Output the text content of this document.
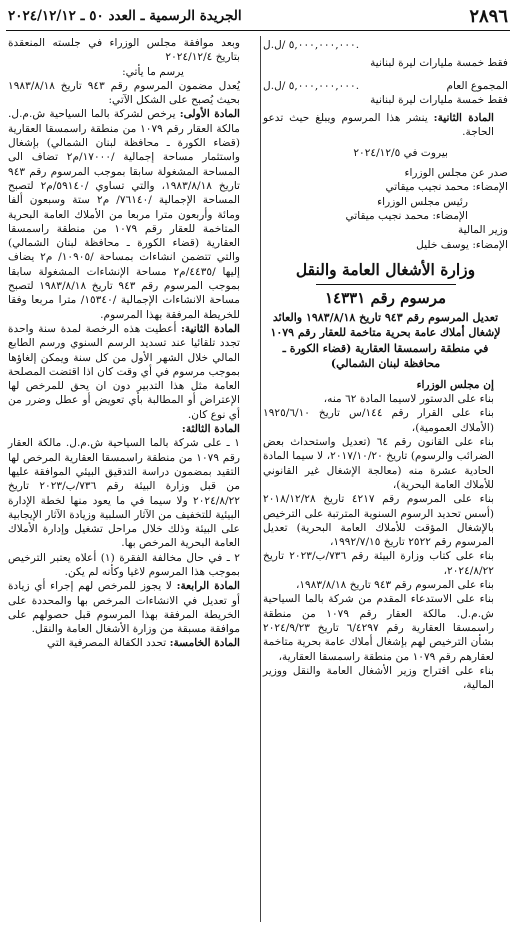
٢٨٩٦
الجريدة الرسمية ـ العدد ٥٠ ـ ٢٠٢٤/١٢/١٢
٥,٠٠٠,٠٠٠,٠٠٠ /ل.ل.

فقط خمسة مليارات ليرة لبنانية

المجموع العام
٥,٠٠٠,٠٠٠,٠٠٠ /ل.ل.

فقط خمسة مليارات ليرة لبنانية

المادة الثانية: ينشر هذا المرسوم ويبلغ حيث تدعو الحاجة.

بيروت في ٢٠٢٤/١٢/٥

صدر عن مجلس الوزراء

الإمضاء: محمد نجيب ميقاتي

رئيس مجلس الوزراء

الإمضاء: محمد نجيب ميقاتي

وزير المالية

الإمضاء: يوسف خليل

وزارة الأشغال العامة والنقل
مرسوم رقم ١٤٣٣١
تعديل المرسوم رقم ٩٤٣ تاريخ ١٩٨٣/٨/١٨ والعائد لإشغال أملاك عامة بحرية متاخمة للعقار رقم ١٠٧٩ في منطقة راسمسقا العقارية (قضاء الكورة ـ محافظة لبنان الشمالي)

إن مجلس الوزراء

بناء على الدستور لاسيما المادة ٦٢ منه،

بناء على القرار رقم ١٤٤/س تاريخ ١٩٢٥/٦/١٠ (الأملاك العمومية)،

بناء على القانون رقم ٦٤ (تعديل واستحداث بعض الضرائب والرسوم) تاريخ ٢٠١٧/١٠/٢٠، لا سيما المادة الحادية عشرة منه (معالجة الإشغال غير القانوني للأملاك العامة البحرية)،

بناء على المرسوم رقم ٤٢١٧ تاريخ ٢٠١٨/١٢/٢٨ (أسس تحديد الرسوم السنوية المترتبة على الترخيص بالإشغال المؤقت للأملاك العامة البحرية) تعديل المرسوم رقم ٢٥٢٢ تاريخ ١٩٩٢/٧/١٥،

بناء على كتاب وزارة البيئة رقم ٧٣٦/ب/٢٠٢٣ تاريخ ٢٠٢٤/٨/٢٢،

بناء على المرسوم رقم ٩٤٣ تاريخ ١٩٨٣/٨/١٨،

بناء على الاستدعاء المقدم من شركة بالما السياحية ش.م.ل. مالكة العقار رقم ١٠٧٩ من منطقة راسمسقا العقارية رقم ٦/٤٢٩٧ تاريخ ٢٠٢٤/٩/٢٣ بشأن الترخيص لهم بإشغال أملاك عامة بحرية متاخمة لعقارهم رقم ١٠٧٩ من منطقة راسمسقا العقارية،

بناء على اقتراح وزير الأشغال العامة والنقل ووزير المالية،

وبعد موافقة مجلس الوزراء في جلسته المنعقدة بتاريخ ٢٠٢٤/١٢/٤

يرسم ما يأتي:

يُعدل مضمون المرسوم رقم ٩٤٣ تاريخ ١٩٨٣/٨/١٨ بحيث يُصبح على الشكل الآتي:

المادة الأولى: يرخص لشركة بالما السياحية ش.م.ل. مالكة العقار رقم ١٠٧٩ من منطقة راسمسقا العقارية (قضاء الكورة ـ محافظة لبنان الشمالي) بإشغال واستثمار مساحة إجمالية /١٧٠٠٠/م٢ تضاف الى المساحة المشغولة سابقا بموجب المرسوم رقم ٩٤٣ تاريخ ١٩٨٣/٨/١٨، والتي تساوي /٥٩١٤٠/م٢ لتصبح المساحة الإجمالية /٧٦١٤٠/ م٢ ستة وسبعون ألفا ومائة وأربعون مترا مربعا من الأملاك العامة البحرية المتاخمة للعقار رقم ١٠٧٩ من منطقة راسمسقا العقارية (قضاء الكورة ـ محافظة لبنان الشمالي) والتي تتضمن انشاءات بمساحة /١٠٩٠٥/ م٢ يضاف إليها /٤٤٣٥/م٢ مساحة الإنشاءات المشغولة سابقا بموجب المرسوم رقم ٩٤٣ تاريخ ١٩٨٣/٨/١٨ لتصبح مساحة الانشاءات الإجمالية /١٥٣٤٠/ مترا مربعا وفقا للخريطة المرفقة بهذا المرسوم.

المادة الثانية: أعطيت هذه الرخصة لمدة سنة واحدة تجدد تلقائيا عند تسديد الرسم السنوي ورسم الطابع المالي خلال الشهر الأول من كل سنة ويمكن إلغاؤها بموجب مرسوم في أي وقت كان اذا اقتضت المصلحة العامة مثل هذا التدبير دون ان يحق للمرخص لها الإعتراض أو المطالبة بأي تعويض أو عطل وضرر من أي نوع كان.

المادة الثالثة:

١ ـ على شركة بالما السياحية ش.م.ل. مالكة العقار رقم ١٠٧٩ من منطقة راسمسقا العقارية المرخص لها التقيد بمضمون دراسة التدقيق البيئي الموافقة عليها من قبل وزارة البيئة رقم ٧٣٦/ب/٢٠٢٣ تاريخ ٢٠٢٤/٨/٢٢ ولا سيما في ما يعود منها لخطة الإدارة البيئية للتخفيف من الآثار السلبية وزيادة الآثار الإيجابية على البيئة وذلك خلال مراحل تشغيل وإدارة الأملاك العامة البحرية المرخص بها.

٢ ـ في حال مخالفة الفقرة (١) أعلاه يعتبر الترخيص بموجب هذا المرسوم لاغيا وكأنه لم يكن.

المادة الرابعة: لا يجوز للمرخص لهم إجراء أي زيادة أو تعديل في الانشاءات المرخص بها والمحددة على الخريطة المرفقة بهذا المرسوم قبل حصولهم على موافقة مسبقة من وزارة الأشغال العامة والنقل.

المادة الخامسة: تحدد الكفالة المصرفية التي
